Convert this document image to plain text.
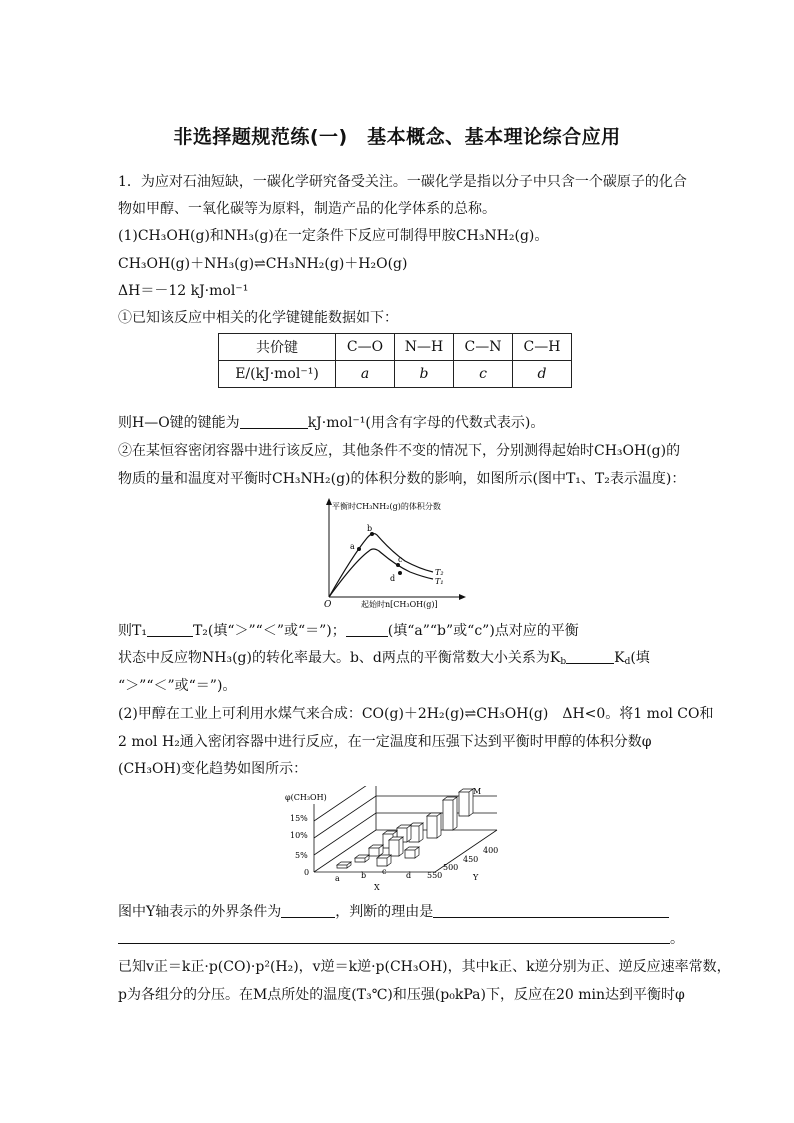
非选择题规范练(一)　基本概念、基本理论综合应用
1．为应对石油短缺，一碳化学研究备受关注。一碳化学是指以分子中只含一个碳原子的化合
物如甲醇、一氧化碳等为原料，制造产品的化学体系的总称。
(1)CH₃OH(g)和NH₃(g)在一定条件下反应可制得甲胺CH₃NH₂(g)。
CH₃OH(g)＋NH₃(g)⇌CH₃NH₂(g)＋H₂O(g)
ΔH＝－12 kJ·mol⁻¹
①已知该反应中相关的化学键键能数据如下：
共价键	C—O	N—H	C—N	C—H
E/(kJ·mol⁻¹)	a	b	c	d
则H—O键的键能为	kJ·mol⁻¹(用含有字母的代数式表示)。
②在某恒容密闭容器中进行该反应，其他条件不变的情况下，分别测得起始时CH₃OH(g)的
物质的量和温度对平衡时CH₃NH₂(g)的体积分数的影响，如图所示(图中T₁、T₂表示温度)：
平衡时CH₃NH₂(g)的体积分数
起始时n[CH₃OH(g)]
O
a
b
c
d
T₂
T₁
则T₁	T₂(填“＞”“＜”或“＝”)；	(填“a”“b”或“c”)点对应的平衡
状态中反应物NH₃(g)的转化率最大。b、d两点的平衡常数大小关系为$K_b$	$K_d$(填
“＞”“＜”或“＝”)。
(2)甲醇在工业上可利用水煤气来合成：CO(g)＋2H₂(g)⇌CH₃OH(g)　ΔH<0。将1 mol CO和
2 mol H₂通入密闭容器中进行反应，在一定温度和压强下达到平衡时甲醇的体积分数φ
(CH₃OH)变化趋势如图所示：
φ(CH₃OH)
15%
10%
5%
0
a	b c d
X
Y
550
500
450
400
M
图中Y轴表示的外界条件为	，判断的理由是
。
已知v正＝k正·p(CO)·p²(H₂)，v逆＝k逆·p(CH₃OH)，其中k正、k逆分别为正、逆反应速率常数，
p为各组分的分压。在M点所处的温度(T₃℃)和压强(p₀kPa)下，反应在20 min达到平衡时φ
